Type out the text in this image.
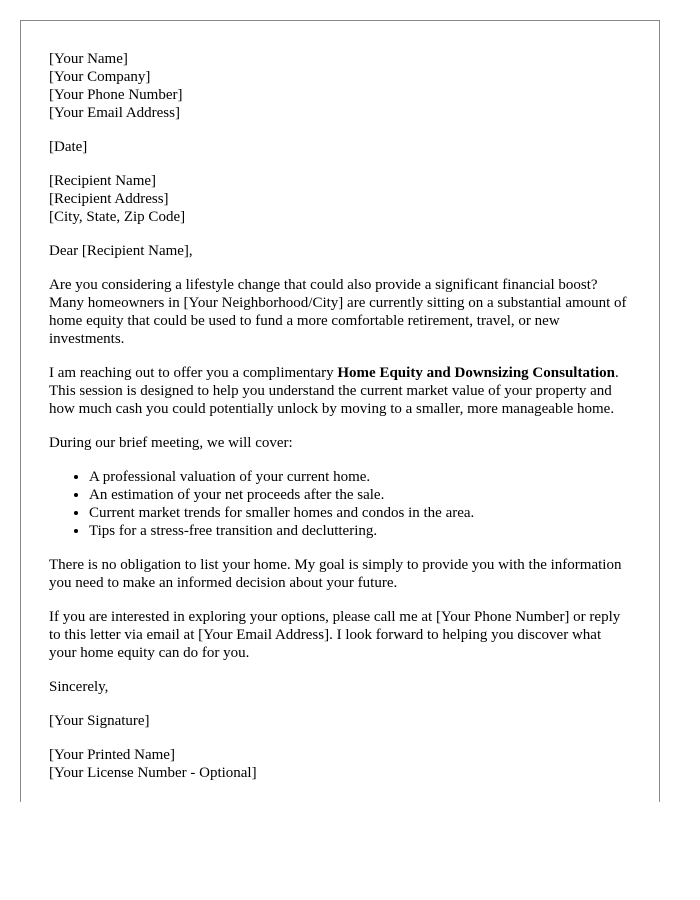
[Your Name]
[Your Company]
[Your Phone Number]
[Your Email Address]
[Date]
[Recipient Name]
[Recipient Address]
[City, State, Zip Code]

Dear [Recipient Name],

Are you considering a lifestyle change that could also provide a significant financial boost? Many homeowners in [Your Neighborhood/City] are currently sitting on a substantial amount of home equity that could be used to fund a more comfortable retirement, travel, or new investments.

I am reaching out to offer you a complimentary Home Equity and Downsizing Consultation. This session is designed to help you understand the current market value of your property and how much cash you could potentially unlock by moving to a smaller, more manageable home.

During our brief meeting, we will cover:

• A professional valuation of your current home.
• An estimation of your net proceeds after the sale.
• Current market trends for smaller homes and condos in the area.
• Tips for a stress-free transition and decluttering.

There is no obligation to list your home. My goal is simply to provide you with the information you need to make an informed decision about your future.

If you are interested in exploring your options, please call me at [Your Phone Number] or reply to this letter via email at [Your Email Address]. I look forward to helping you discover what your home equity can do for you.

Sincerely,

[Your Signature]

[Your Printed Name]
[Your License Number - Optional]
